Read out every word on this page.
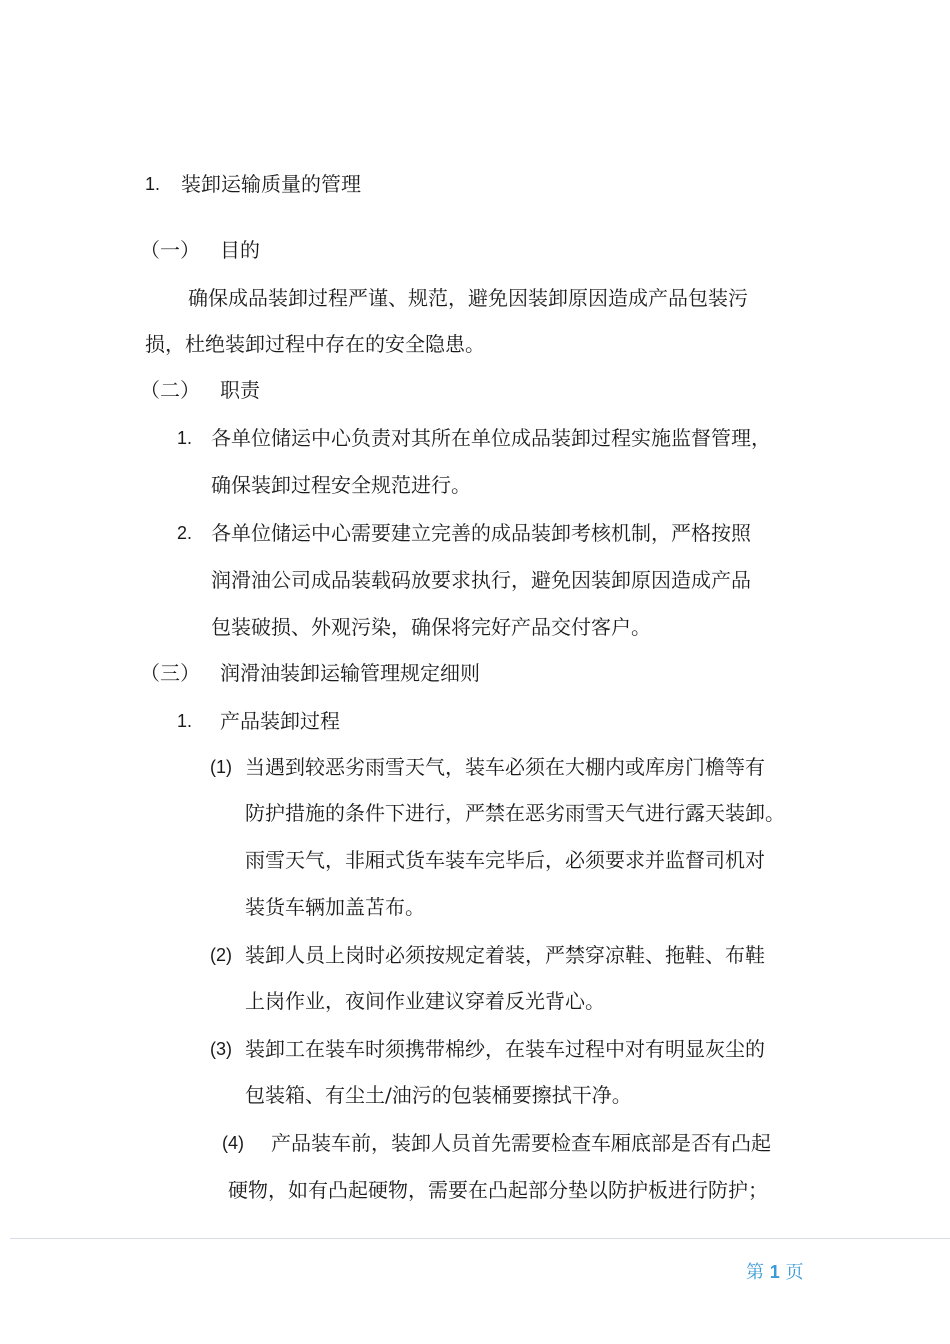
1. 装卸运输质量的管理
（一） 目的
确保成品装卸过程严谨、规范，避免因装卸原因造成产品包装污
损，杜绝装卸过程中存在的安全隐患。
（二） 职责
1. 各单位储运中心负责对其所在单位成品装卸过程实施监督管理，
确保装卸过程安全规范进行。
2. 各单位储运中心需要建立完善的成品装卸考核机制，严格按照
润滑油公司成品装载码放要求执行，避免因装卸原因造成产品
包装破损、外观污染，确保将完好产品交付客户。
（三） 润滑油装卸运输管理规定细则
1. 产品装卸过程
(1) 当遇到较恶劣雨雪天气，装车必须在大棚内或库房门檐等有
防护措施的条件下进行，严禁在恶劣雨雪天气进行露天装卸。
雨雪天气，非厢式货车装车完毕后，必须要求并监督司机对
装货车辆加盖苫布。
(2) 装卸人员上岗时必须按规定着装，严禁穿凉鞋、拖鞋、布鞋
上岗作业，夜间作业建议穿着反光背心。
(3) 装卸工在装车时须携带棉纱，在装车过程中对有明显灰尘的
包装箱、有尘土/油污的包装桶要擦拭干净。
(4) 产品装车前，装卸人员首先需要检查车厢底部是否有凸起
硬物，如有凸起硬物，需要在凸起部分垫以防护板进行防护；
第 1 页
